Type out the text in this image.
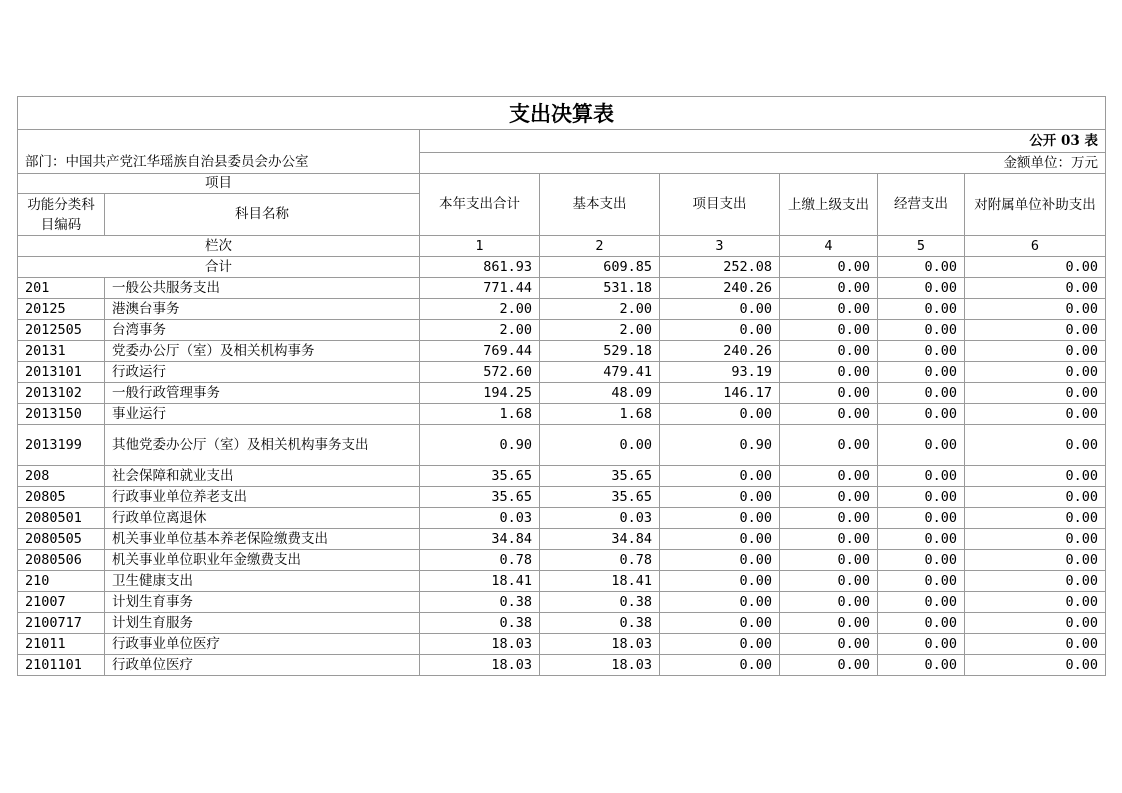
支出决算表							
		公开 03 表					
部门：中国共产党江华瑶族自治县委员会办公室		金额单位：万元					
项目		本年支出合计	基本支出	项目支出	上缴上级支出	经营支出	对附属单位补助支出
功能分类科目编码	科目名称						
栏次		1	2	3	4	5	6
合计		861.93	609.85	252.08	0.00	0.00	0.00
201	一般公共服务支出	771.44	531.18	240.26	0.00	0.00	0.00
20125	港澳台事务	2.00	2.00	0.00	0.00	0.00	0.00
2012505	台湾事务	2.00	2.00	0.00	0.00	0.00	0.00
20131	党委办公厅（室）及相关机构事务	769.44	529.18	240.26	0.00	0.00	0.00
2013101	行政运行	572.60	479.41	93.19	0.00	0.00	0.00
2013102	一般行政管理事务	194.25	48.09	146.17	0.00	0.00	0.00
2013150	事业运行	1.68	1.68	0.00	0.00	0.00	0.00
2013199	其他党委办公厅（室）及相关机构事务支出	0.90	0.00	0.90	0.00	0.00	0.00
208	社会保障和就业支出	35.65	35.65	0.00	0.00	0.00	0.00
20805	行政事业单位养老支出	35.65	35.65	0.00	0.00	0.00	0.00
2080501	行政单位离退休	0.03	0.03	0.00	0.00	0.00	0.00
2080505	机关事业单位基本养老保险缴费支出	34.84	34.84	0.00	0.00	0.00	0.00
2080506	机关事业单位职业年金缴费支出	0.78	0.78	0.00	0.00	0.00	0.00
210	卫生健康支出	18.41	18.41	0.00	0.00	0.00	0.00
21007	计划生育事务	0.38	0.38	0.00	0.00	0.00	0.00
2100717	计划生育服务	0.38	0.38	0.00	0.00	0.00	0.00
21011	行政事业单位医疗	18.03	18.03	0.00	0.00	0.00	0.00
2101101	行政单位医疗	18.03	18.03	0.00	0.00	0.00	0.00
